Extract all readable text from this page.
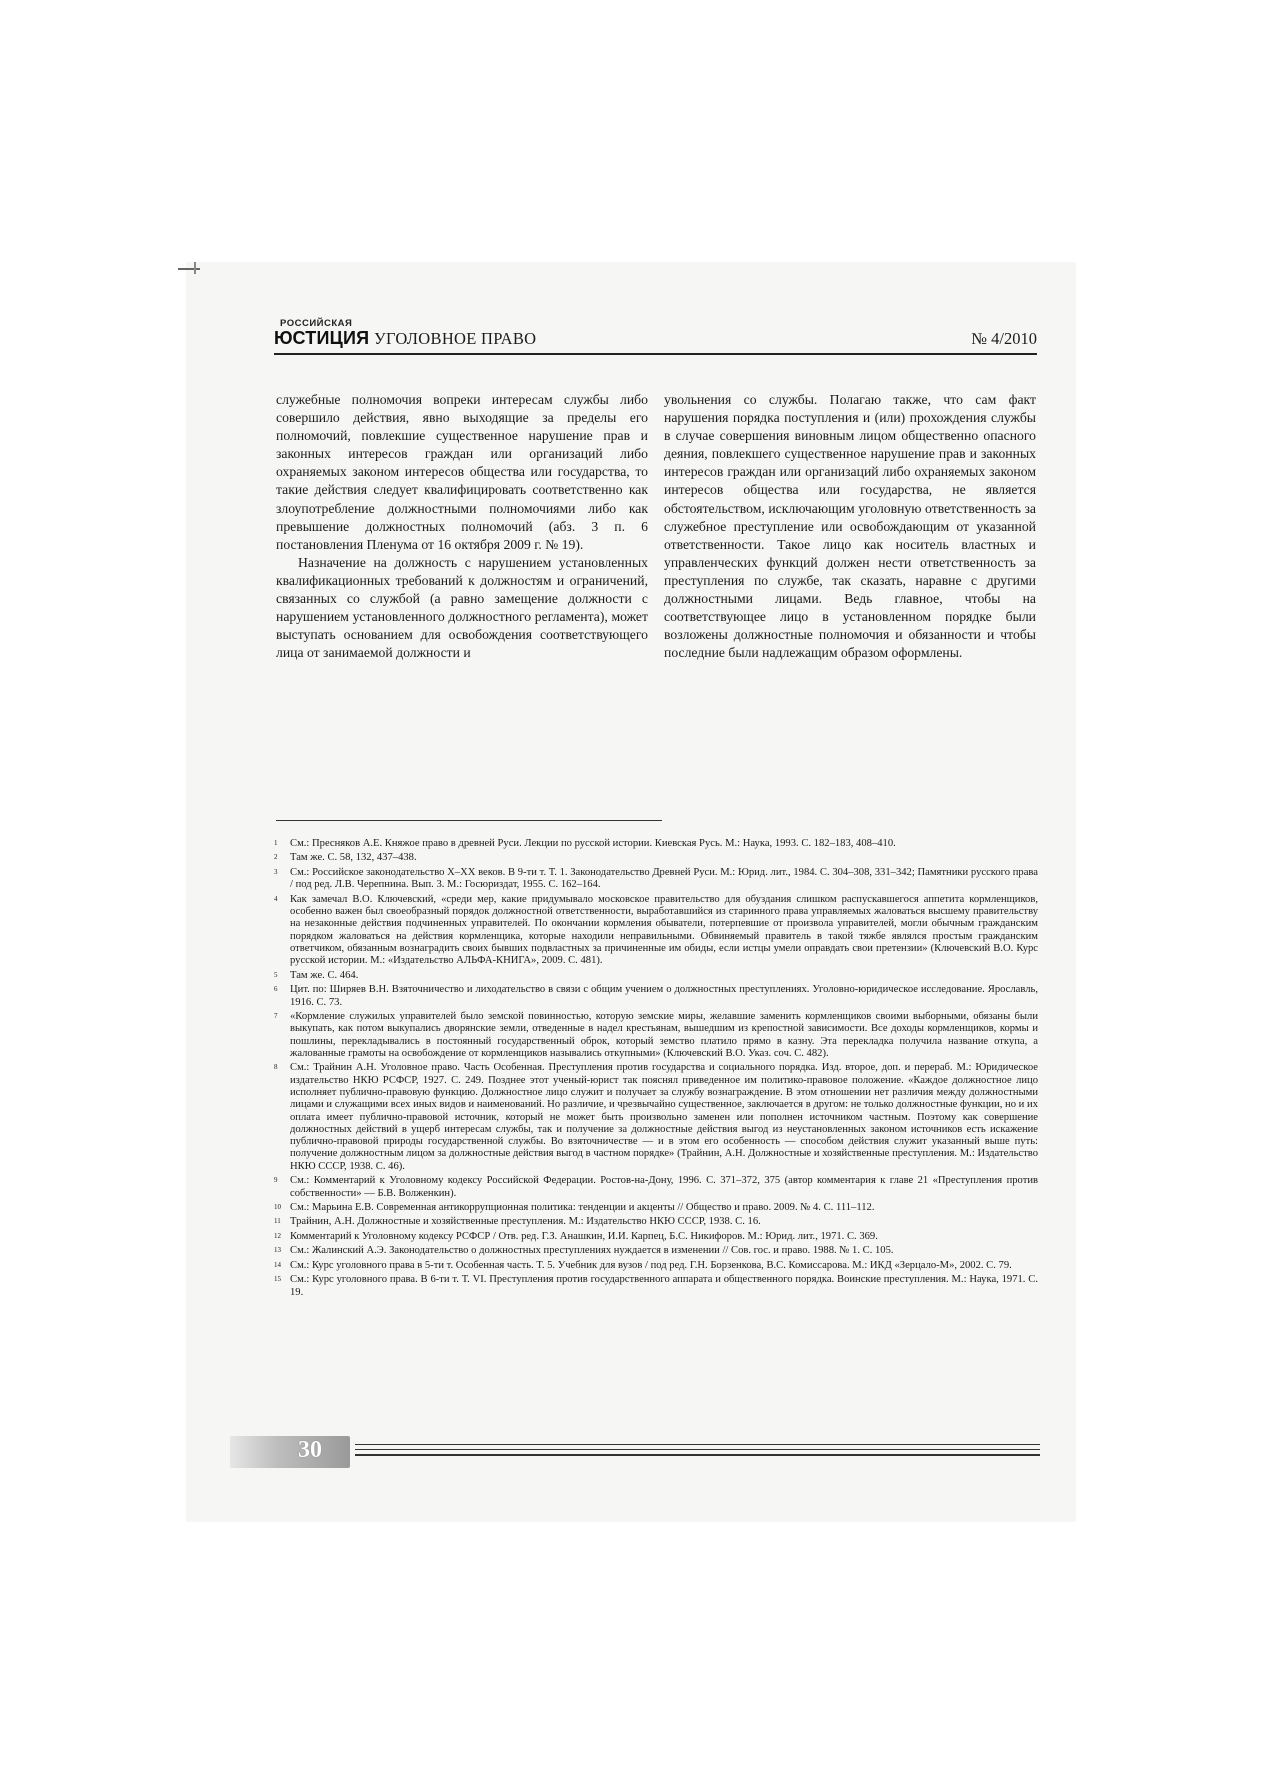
РОССИЙСКАЯ
ЮСТИЦИЯ УГОЛОВНОЕ ПРАВО	№ 4/2010

служебные полномочия вопреки интересам службы либо совершило действия, явно выходящие за пределы его полномочий, повлекшие существенное нарушение прав и законных интересов граждан или организаций либо охраняемых законом интересов общества или государства, то такие действия следует квалифицировать соответственно как злоупотребление должностными полномочиями либо как превышение должностных полномочий (абз. 3 п. 6 постановления Пленума от 16 октября 2009 г. № 19).

Назначение на должность с нарушением установленных квалификационных требований к должностям и ограничений, связанных со службой (а равно замещение должности с нарушением установленного должностного регламента), может выступать основанием для освобождения соответствующего лица от занимаемой должности и

увольнения со службы. Полагаю также, что сам факт нарушения порядка поступления и (или) прохождения службы в случае совершения виновным лицом общественно опасного деяния, повлекшего существенное нарушение прав и законных интересов граждан или организаций либо охраняемых законом интересов общества или государства, не является обстоятельством, исключающим уголовную ответственность за служебное преступление или освобождающим от указанной ответственности. Такое лицо как носитель властных и управленческих функций должен нести ответственность за преступления по службе, так сказать, наравне с другими должностными лицами. Ведь главное, чтобы на соответствующее лицо в установленном порядке были возложены должностные полномочия и обязанности и чтобы последние были надлежащим образом оформлены.

1 См.: Пресняков А.Е. Княжое право в древней Руси. Лекции по русской истории. Киевская Русь. М.: Наука, 1993. С. 182–183, 408–410.
2 Там же. С. 58, 132, 437–438.
3 См.: Российское законодательство X–XX веков. В 9-ти т. Т. 1. Законодательство Древней Руси. М.: Юрид. лит., 1984. С. 304–308, 331–342; Памятники русского права / под ред. Л.В. Черепнина. Вып. 3. М.: Госюриздат, 1955. С. 162–164.
4 Как замечал В.О. Ключевский, «среди мер, какие придумывало московское правительство для обуздания слишком распускавшегося аппетита кормленщиков, особенно важен был своеобразный порядок должностной ответственности, выработавшийся из старинного права управляемых жаловаться высшему правительству на незаконные действия подчиненных управителей. По окончании кормления обыватели, потерпевшие от произвола управителей, могли обычным гражданским порядком жаловаться на действия кормленщика, которые находили неправильными. Обвиняемый правитель в такой тяжбе являлся простым гражданским ответчиком, обязанным вознаградить своих бывших подвластных за причиненные им обиды, если истцы умели оправдать свои претензии» (Ключевский В.О. Курс русской истории. М.: «Издательство АЛЬФА-КНИГА», 2009. С. 481).
5 Там же. С. 464.
6 Цит. по: Ширяев В.Н. Взяточничество и лиходательство в связи с общим учением о должностных преступлениях. Уголовно-юридическое исследование. Ярославль, 1916. С. 73.
7 «Кормление служилых управителей было земской повинностью, которую земские миры, желавшие заменить кормленщиков своими выборными, обязаны были выкупать, как потом выкупались дворянские земли, отведенные в надел крестьянам, вышедшим из крепостной зависимости. Все доходы кормленщиков, кормы и пошлины, перекладывались в постоянный государственный оброк, который земство платило прямо в казну. Эта перекладка получила название откупа, а жалованные грамоты на освобождение от кормленщиков назывались откупными» (Ключевский В.О. Указ. соч. С. 482).
8 См.: Трайнин А.Н. Уголовное право. Часть Особенная. Преступления против государства и социального порядка. Изд. второе, доп. и перераб. М.: Юридическое издательство НКЮ РСФСР, 1927. С. 249. Позднее этот ученый-юрист так пояснял приведенное им политико-правовое положение. «Каждое должностное лицо исполняет публично-правовую функцию. Должностное лицо служит и получает за службу вознаграждение. В этом отношении нет различия между должностными лицами и служащими всех иных видов и наименований. Но различие, и чрезвычайно существенное, заключается в другом: не только должностные функции, но и их оплата имеет публично-правовой источник, который не может быть произвольно заменен или пополнен источником частным. Поэтому как совершение должностных действий в ущерб интересам службы, так и получение за должностные действия выгод из неустановленных законом источников есть искажение публично-правовой природы государственной службы. Во взяточничестве — и в этом его особенность — способом действия служит указанный выше путь: получение должностным лицом за должностные действия выгод в частном порядке» (Трайнин, А.Н. Должностные и хозяйственные преступления. М.: Издательство НКЮ СССР, 1938. С. 46).
9 См.: Комментарий к Уголовному кодексу Российской Федерации. Ростов-на-Дону, 1996. С. 371–372, 375 (автор комментария к главе 21 «Преступления против собственности» — Б.В. Волженкин).
10 См.: Марьина Е.В. Современная антикоррупционная политика: тенденции и акценты // Общество и право. 2009. № 4. С. 111–112.
11 Трайнин, А.Н. Должностные и хозяйственные преступления. М.: Издательство НКЮ СССР, 1938. С. 16.
12 Комментарий к Уголовному кодексу РСФСР / Отв. ред. Г.З. Анашкин, И.И. Карпец, Б.С. Никифоров. М.: Юрид. лит., 1971. С. 369.
13 См.: Жалинский А.Э. Законодательство о должностных преступлениях нуждается в изменении // Сов. гос. и право. 1988. № 1. С. 105.
14 См.: Курс уголовного права в 5-ти т. Особенная часть. Т. 5. Учебник для вузов / под ред. Г.Н. Борзенкова, В.С. Комиссарова. М.: ИКД «Зерцало-М», 2002. С. 79.
15 См.: Курс уголовного права. В 6-ти т. Т. VI. Преступления против государственного аппарата и общественного порядка. Воинские преступления. М.: Наука, 1971. С. 19.
30
